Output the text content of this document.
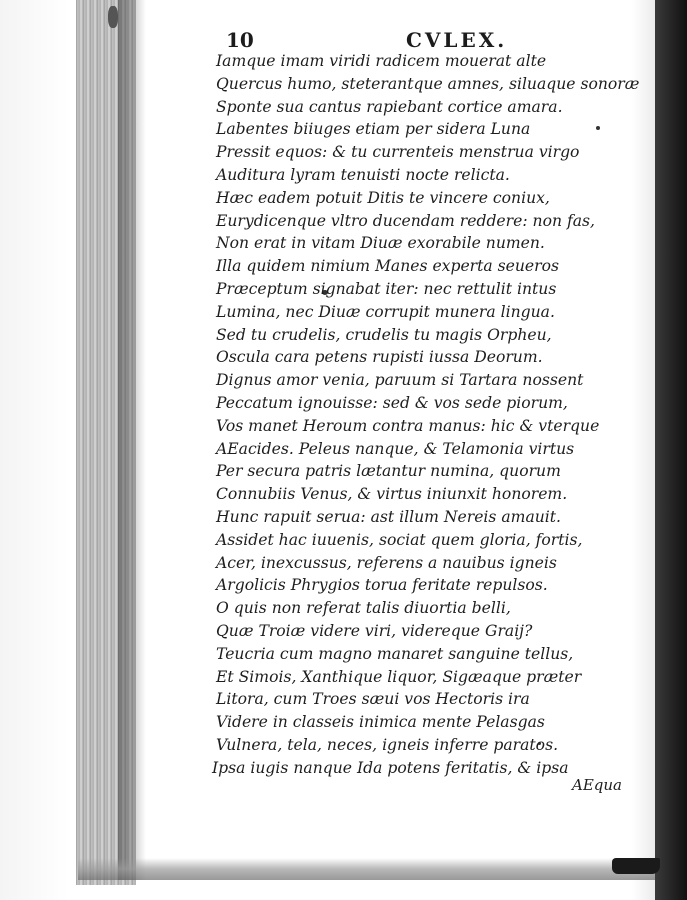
10	CVLEX.
Iamque imam viridi radicem mouerat alte
Quercus humo, steterantque amnes, siluaque sonoræ
Sponte sua cantus rapiebant cortice amara.
Labentes biiuges etiam per sidera Luna
Pressit equos: & tu currenteis menstrua virgo
Auditura lyram tenuisti nocte relicta.
Hæc eadem potuit Ditis te vincere coniux,
Eurydicenque vltro ducendam reddere: non fas,
Non erat in vitam Diuæ exorabile numen.
Illa quidem nimium Manes experta seueros
Præceptum signabat iter: nec rettulit intus
Lumina, nec Diuæ corrupit munera lingua.
Sed tu crudelis, crudelis tu magis Orpheu,
Oscula cara petens rupisti iussa Deorum.
Dignus amor venia, paruum si Tartara nossent
Peccatum ignouisse: sed & vos sede piorum,
Vos manet Heroum contra manus: hic & vterque
AEacides. Peleus nanque, & Telamonia virtus
Per secura patris lætantur numina, quorum
Connubiis Venus, & virtus iniunxit honorem.
Hunc rapuit serua: ast illum Nereis amauit.
Assidet hac iuuenis, sociat quem gloria, fortis,
Acer, inexcussus, referens a nauibus igneis
Argolicis Phrygios torua feritate repulsos.
O quis non referat talis diuortia belli,
Quæ Troiæ videre viri, videreque Graij?
Teucria cum magno manaret sanguine tellus,
Et Simois, Xanthique liquor, Sigæaque præter
Litora, cum Troes sæui vos Hectoris ira
Videre in classeis inimica mente Pelasgas
Vulnera, tela, neces, igneis inferre paratos.
Ipsa iugis nanque Ida potens feritatis, & ipsa
AEqua
